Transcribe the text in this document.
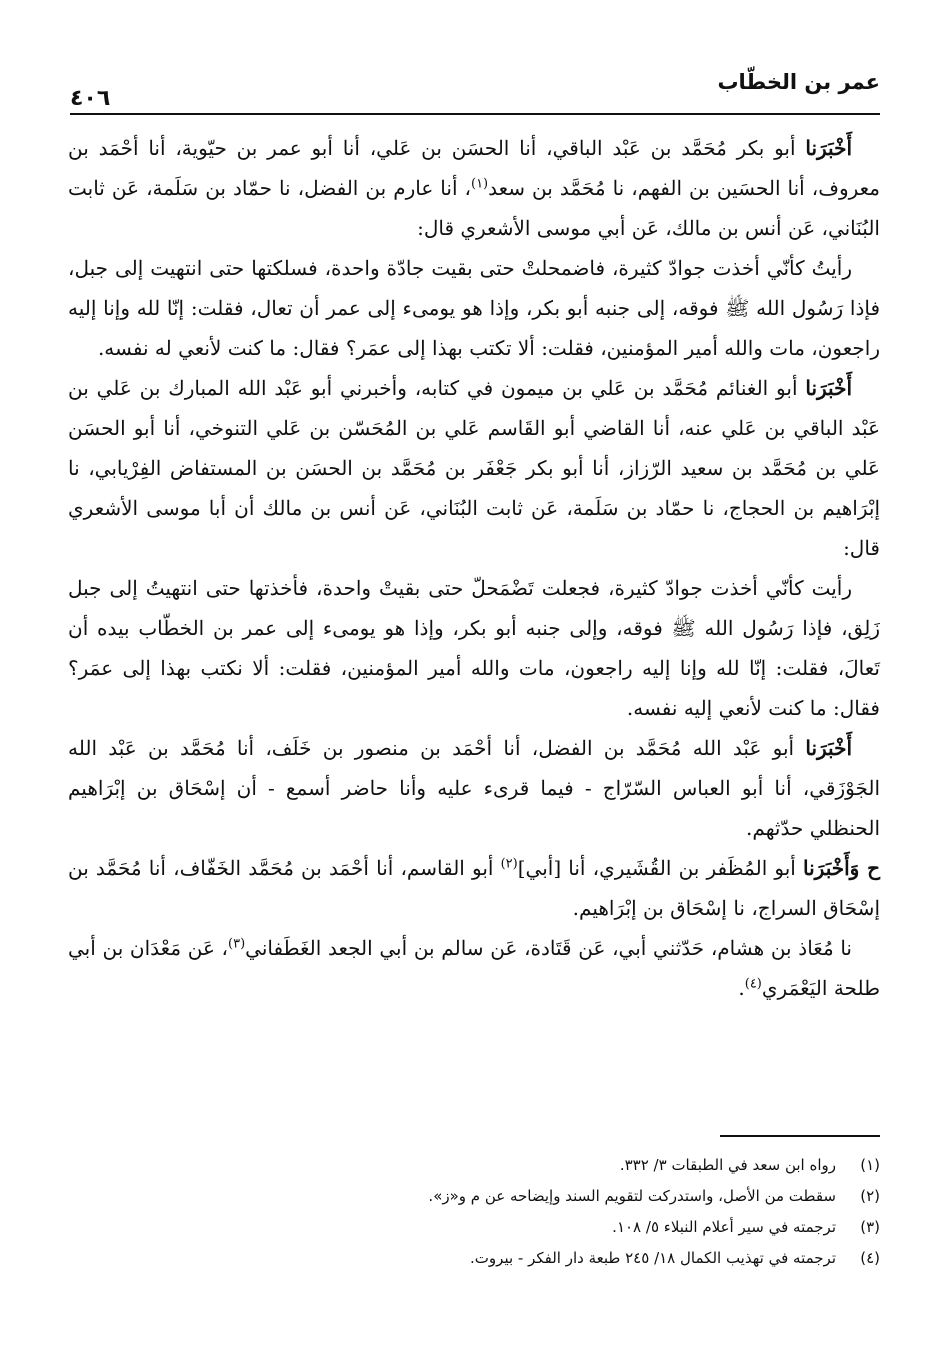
عمر بن الخطّاب
٤٠٦

أَخْبَرَنا أبو بكر مُحَمَّد بن عَبْد الباقي، أنا الحسَن بن عَلي، أنا أبو عمر بن حيّوية، أنا أحْمَد بن معروف، أنا الحسَين بن الفهم، نا مُحَمَّد بن سعد$^{(١)}$، أنا عارم بن الفضل، نا حمّاد بن سَلَمة، عَن ثابت البُنَاني، عَن أنس بن مالك، عَن أبي موسى الأشعري قال:

رأيتُ كأنّي أخذت جوادّ كثيرة، فاضمحلتْ حتى بقيت جادّة واحدة، فسلكتها حتى انتهيت إلى جبل، فإذا رَسُول الله ﷺ فوقه، إلى جنبه أبو بكر، وإذا هو يومىء إلى عمر أن تعال، فقلت: إنّا لله وإنا إليه راجعون، مات والله أمير المؤمنين، فقلت: ألا تكتب بهذا إلى عمَر؟ فقال: ما كنت لأنعي له نفسه.

أَخْبَرَنا أبو الغنائم مُحَمَّد بن عَلي بن ميمون في كتابه، وأخبرني أبو عَبْد الله المبارك بن عَلي بن عَبْد الباقي بن عَلي عنه، أنا القاضي أبو القَاسم عَلي بن المُحَسّن بن عَلي التنوخي، أنا أبو الحسَن عَلي بن مُحَمَّد بن سعيد الرّزاز، أنا أبو بكر جَعْفَر بن مُحَمَّد بن الحسَن بن المستفاض الفِرْيابي، نا إبْرَاهيم بن الحجاج، نا حمّاد بن سَلَمة، عَن ثابت البُنَاني، عَن أنس بن مالك أن أبا موسى الأشعري قال:

رأيت كأنّي أخذت جوادّ كثيرة، فجعلت تَضْمَحلّ حتى بقيتْ واحدة، فأخذتها حتى انتهيتُ إلى جبل زَلِق، فإذا رَسُول الله ﷺ فوقه، وإلى جنبه أبو بكر، وإذا هو يومىء إلى عمر بن الخطّاب بيده أن تَعالَ، فقلت: إنّا لله وإنا إليه راجعون، مات والله أمير المؤمنين، فقلت: ألا نكتب بهذا إلى عمَر؟ فقال: ما كنت لأنعي إليه نفسه.

أَخْبَرَنا أبو عَبْد الله مُحَمَّد بن الفضل، أنا أحْمَد بن منصور بن خَلَف، أنا مُحَمَّد بن عَبْد الله الجَوْزَقي، أنا أبو العباس السّرّاج - فيما قرىء عليه وأنا حاضر أسمع - أن إسْحَاق بن إبْرَاهيم الحنظلي حدّثهم.

ح وَأَخْبَرَنا أبو المُظَفر بن القُشَيري، أنا [أبي]$^{(٢)}$ أبو القاسم، أنا أحْمَد بن مُحَمَّد الخَفّاف، أنا مُحَمَّد بن إسْحَاق السراج، نا إسْحَاق بن إبْرَاهيم.

نا مُعَاذ بن هشام، حَدّثني أبي، عَن قَتَادة، عَن سالم بن أبي الجعد الغَطَفاني$^{(٣)}$، عَن مَعْدَان بن أبي طلحة اليَعْمَري$^{(٤)}$.

(١)رواه ابن سعد في الطبقات ٣/ ٣٣٢.
(٢)سقطت من الأصل، واستدركت لتقويم السند وإيضاحه عن م و«ز».
(٣)ترجمته في سير أعلام النبلاء ٥/ ١٠٨.
(٤)ترجمته في تهذيب الكمال ١٨/ ٢٤٥ طبعة دار الفكر - بيروت.
